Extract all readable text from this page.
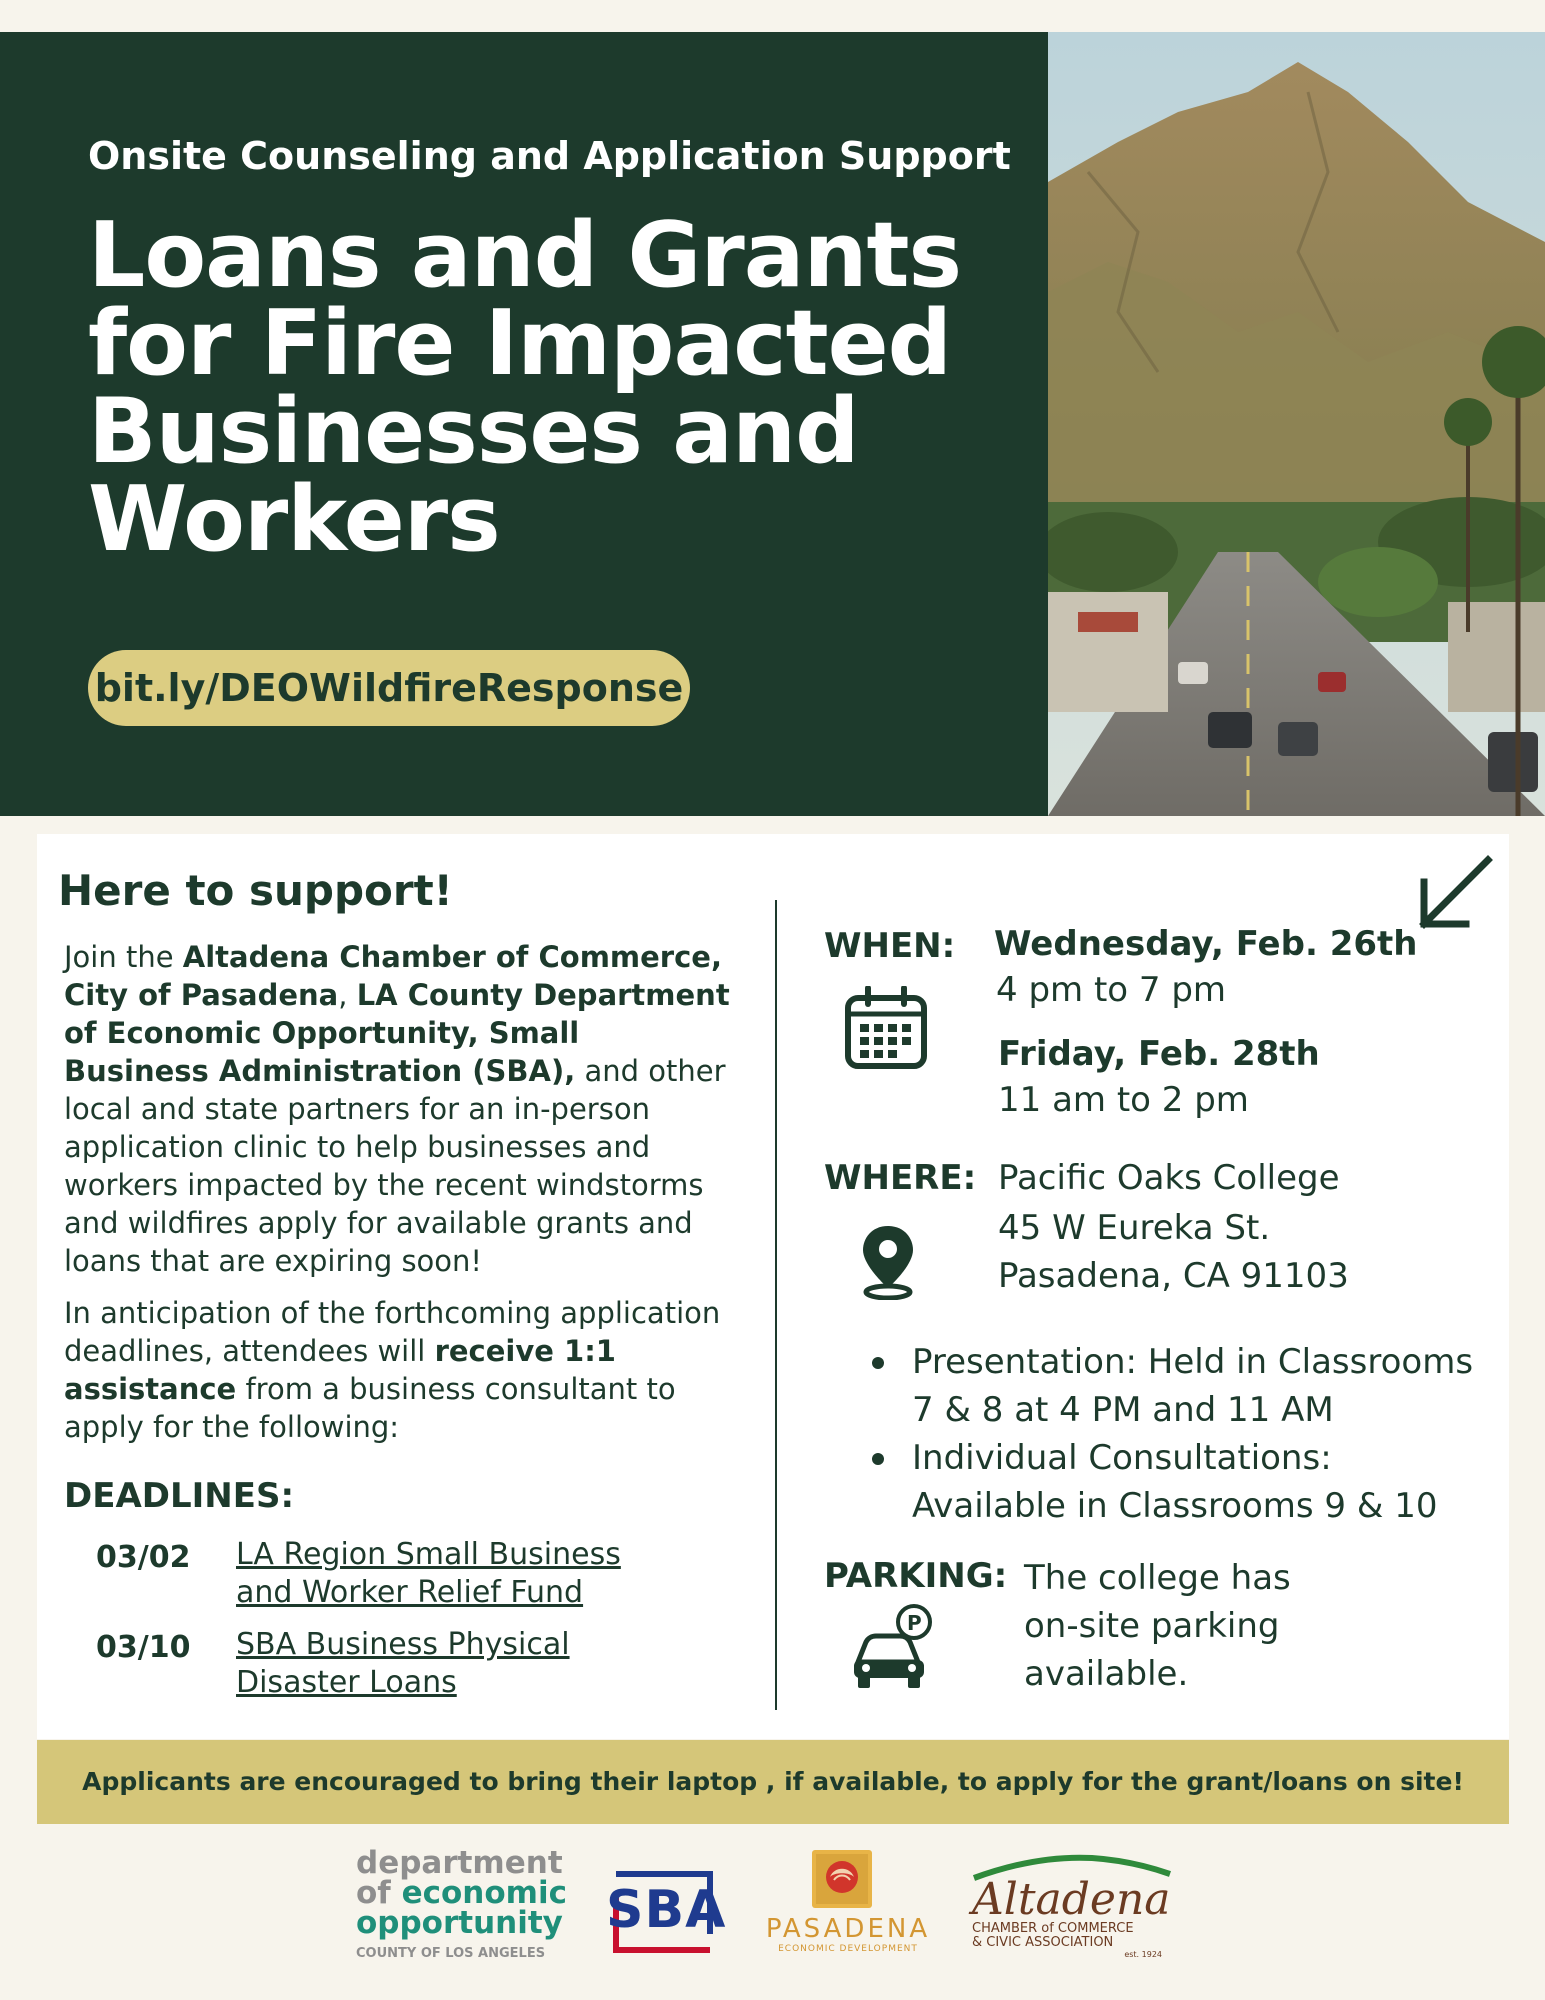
Onsite Counseling and Application Support
Loans and Grants for Fire Impacted Businesses and Workers
bit.ly/DEOWildfireResponse
Here to support!

Join the Altadena Chamber of Commerce, City of Pasadena, LA County Department of Economic Opportunity, Small Business Administration (SBA), and other local and state partners for an in-person application clinic to help businesses and workers impacted by the recent windstorms and wildfires apply for available grants and loans that are expiring soon!

In anticipation of the forthcoming application deadlines, attendees will receive 1:1 assistance from a business consultant to apply for the following:

DEADLINES:
03/02 LA Region Small Business and Worker Relief Fund
03/10 SBA Business Physical Disaster Loans
WHEN: Wednesday, Feb. 26th
4 pm to 7 pm
Friday, Feb. 28th
11 am to 2 pm
WHERE: Pacific Oaks College
45 W Eureka St.
Pasadena, CA 91103
Presentation: Held in Classrooms 7 & 8 at 4 PM and 11 AM
Individual Consultations: Available in Classrooms 9 & 10
PARKING: The college has on-site parking available.
P
Applicants are encouraged to bring their laptop , if available, to apply for the grant/loans on site!
department
of economic
opportunity
COUNTY OF LOS ANGELES
SBA	PASADENA
ECONOMIC DEVELOPMENT
Altadena
CHAMBER of COMMERCE
& CIVIC ASSOCIATION
est. 1924
